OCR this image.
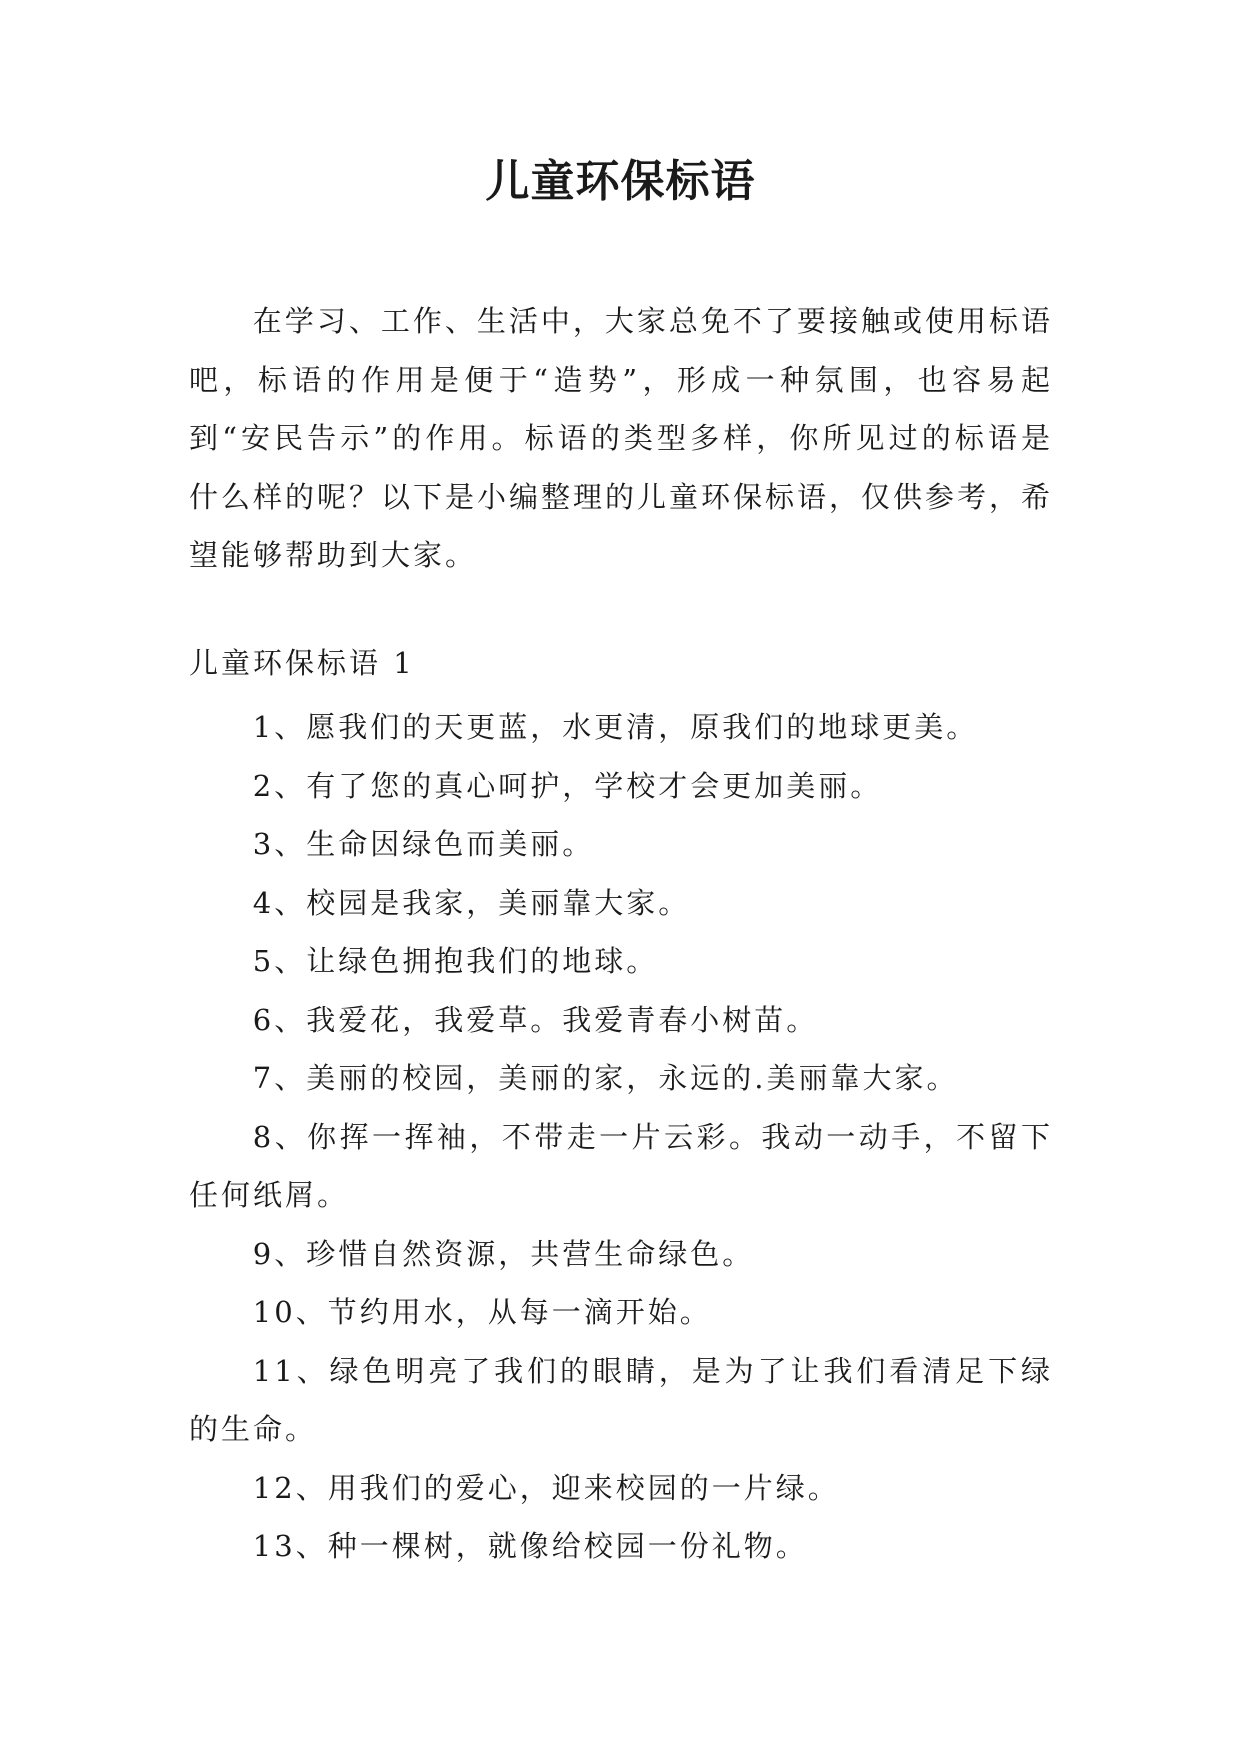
儿童环保标语

在学习、工作、生活中，大家总免不了要接触或使用标语吧，标语的作用是便于“造势”，形成一种氛围，也容易起到“安民告示”的作用。标语的类型多样，你所见过的标语是什么样的呢？以下是小编整理的儿童环保标语，仅供参考，希望能够帮助到大家。

儿童环保标语 1

1、愿我们的天更蓝，水更清，原我们的地球更美。
2、有了您的真心呵护，学校才会更加美丽。
3、生命因绿色而美丽。
4、校园是我家，美丽靠大家。
5、让绿色拥抱我们的地球。
6、我爱花，我爱草。我爱青春小树苗。
7、美丽的校园，美丽的家，永远的.美丽靠大家。
8、你挥一挥袖，不带走一片云彩。我动一动手，不留下任何纸屑。
9、珍惜自然资源，共营生命绿色。
10、节约用水，从每一滴开始。
11、绿色明亮了我们的眼睛，是为了让我们看清足下绿的生命。
12、用我们的爱心，迎来校园的一片绿。
13、种一棵树，就像给校园一份礼物。
